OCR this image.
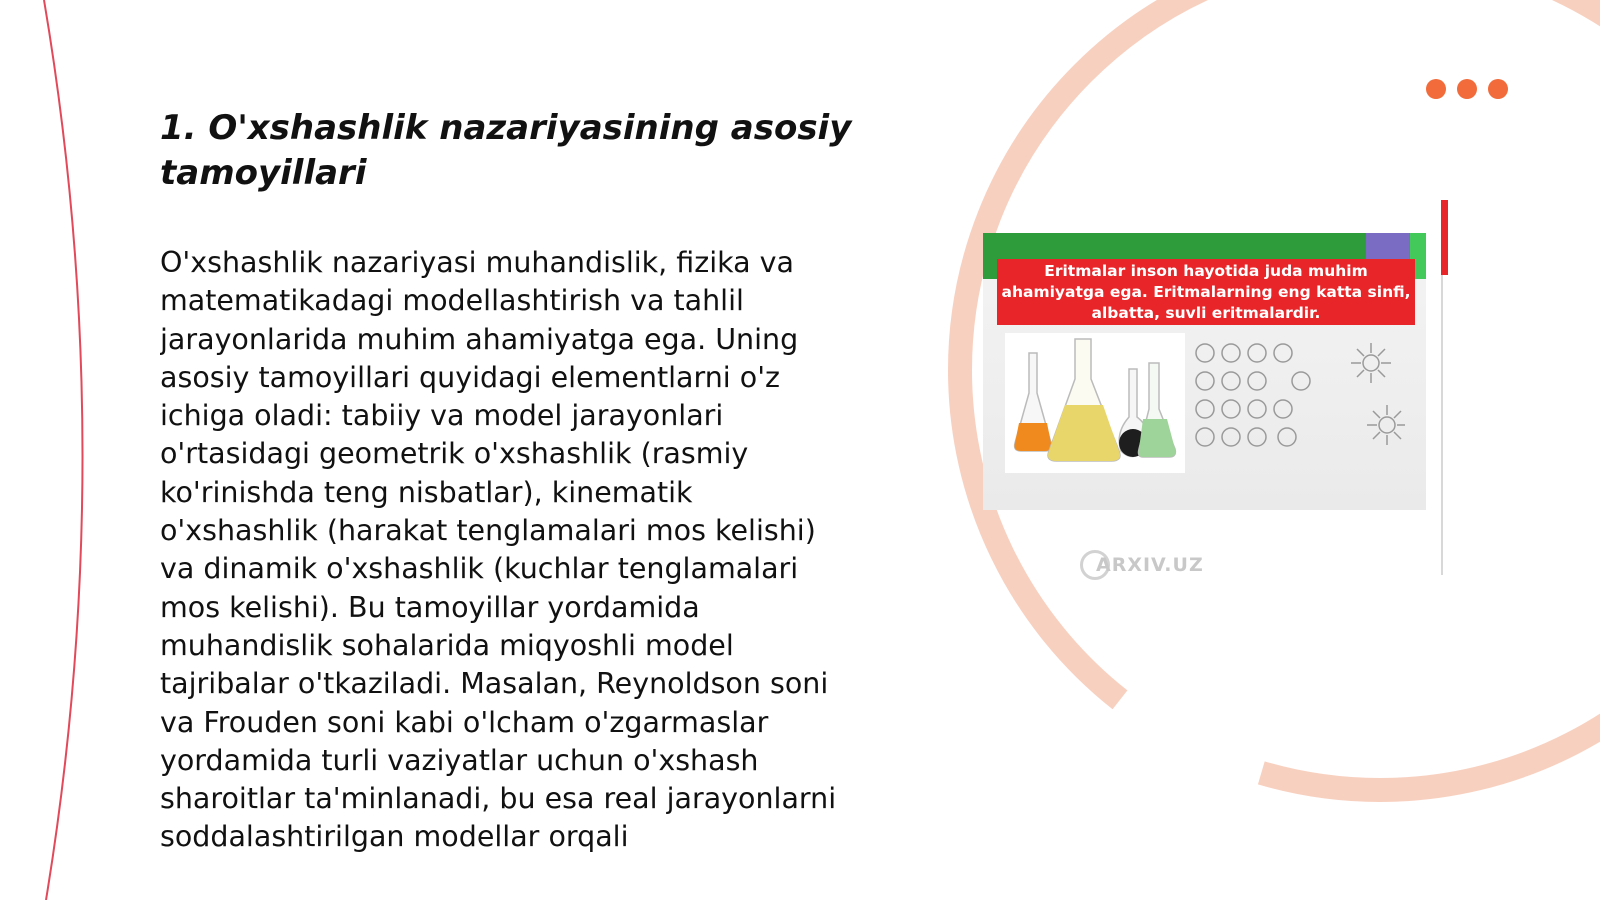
1. O'xshashlik nazariyasining asosiy tamoyillari

O'xshashlik nazariyasi muhandislik, fizika va matematikadagi modellashtirish va tahlil jarayonlarida muhim ahamiyatga ega. Uning asosiy tamoyillari quyidagi elementlarni o'z ichiga oladi: tabiiy va model jarayonlari o'rtasidagi geometrik o'xshashlik (rasmiy ko'rinishda teng nisbatlar), kinematik o'xshashlik (harakat tenglamalari mos kelishi) va dinamik o'xshashlik (kuchlar tenglamalari mos kelishi). Bu tamoyillar yordamida muhandislik sohalarida miqyoshli model tajribalar o'tkaziladi. Masalan, Reynoldson soni va Frouden soni kabi o'lcham o'zgarmaslar yordamida turli vaziyatlar uchun o'xshash sharoitlar ta'minlanadi, bu esa real jarayonlarni soddalashtirilgan modellar orqali

Eritmalar inson hayotida juda muhim ahamiyatga ega. Eritmalarning eng katta sinfi, albatta, suvli eritmalardir.
ARXIV.UZ
